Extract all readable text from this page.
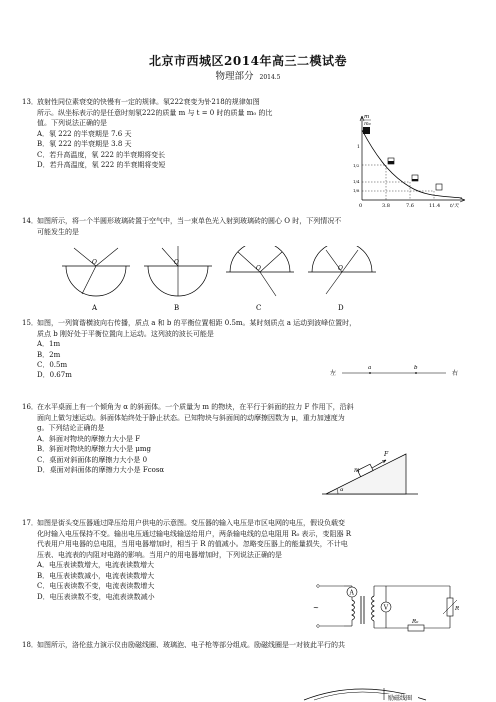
北京市西城区2014年高三二模试卷
物理部分 2014.5
13． 放射性同位素衰变的快慢有一定的规律。氡222衰变为钋218的规律如图
所示。纵坐标表示的是任意时刻氡222的质量 m 与 t = 0 时的质量 m₀ 的比
值。下列说法正确的是
A．氡 222 的半衰期是 7.6 天
B．氡 222 的半衰期是 3.8 天
C．若升高温度，氡 222 的半衰期将变长
D．若升高温度，氡 222 的半衰期将变短
m
m₀
1
1/2
1/4
1/8
0	3.8	7.6	11.4 t/天
14． 如图所示，将一个半圆形玻璃砖置于空气中，当一束单色光入射到玻璃砖的圆心 O 时，下列情况不
可能发生的是
O
A
O
B
O
C
O
D
15． 如图，一列简谐横波向右传播，质点 a 和 b 的平衡位置相距 0.5m。某时刻质点 a 运动到波峰位置时，
质点 b 刚好处于平衡位置向上运动。这列波的波长可能是
A．1m
B．2m
C．0.5m
D．0.67m	左
a	b
右
16． 在水平桌面上有一个倾角为 α 的斜面体。一个质量为 m 的物块，在平行于斜面的拉力 F 作用下，沿斜
面向上做匀速运动。斜面体始终处于静止状态。已知物块与斜面间的动摩擦因数为 μ，重力加速度为
g。下列结论正确的是
A．斜面对物块的摩擦力大小是 F
B．斜面对物块的摩擦力大小是 μmg
C．桌面对斜面体的摩擦力大小是 0
D．桌面对斜面体的摩擦力大小是 Fcosα
F
m
α
17． 如图是街头变压器通过降压给用户供电的示意图。变压器的输入电压是市区电网的电压，假设负载变
化时输入电压保持不变。输出电压通过输电线输送给用户，两条输电线的总电阻用 R₀ 表示，变阻器 R
代表用户用电器的总电阻，当用电器增加时，相当于 R 的值减小。忽略变压器上的能量损失，不计电
压表、电流表的内阻对电路的影响。当用户的用电器增加时，下列说法正确的是
A．电压表读数增大，电流表读数增大
B．电压表读数减小，电流表读数增大
C．电压表读数不变，电流表读数增大
D．电压表读数不变，电流表读数减小
~
A
V
R₀
R
18． 如图所示，洛伦兹力演示仪由励磁线圈、玻璃泡、电子枪等部分组成。励磁线圈是一对彼此平行的共
励磁线圈
